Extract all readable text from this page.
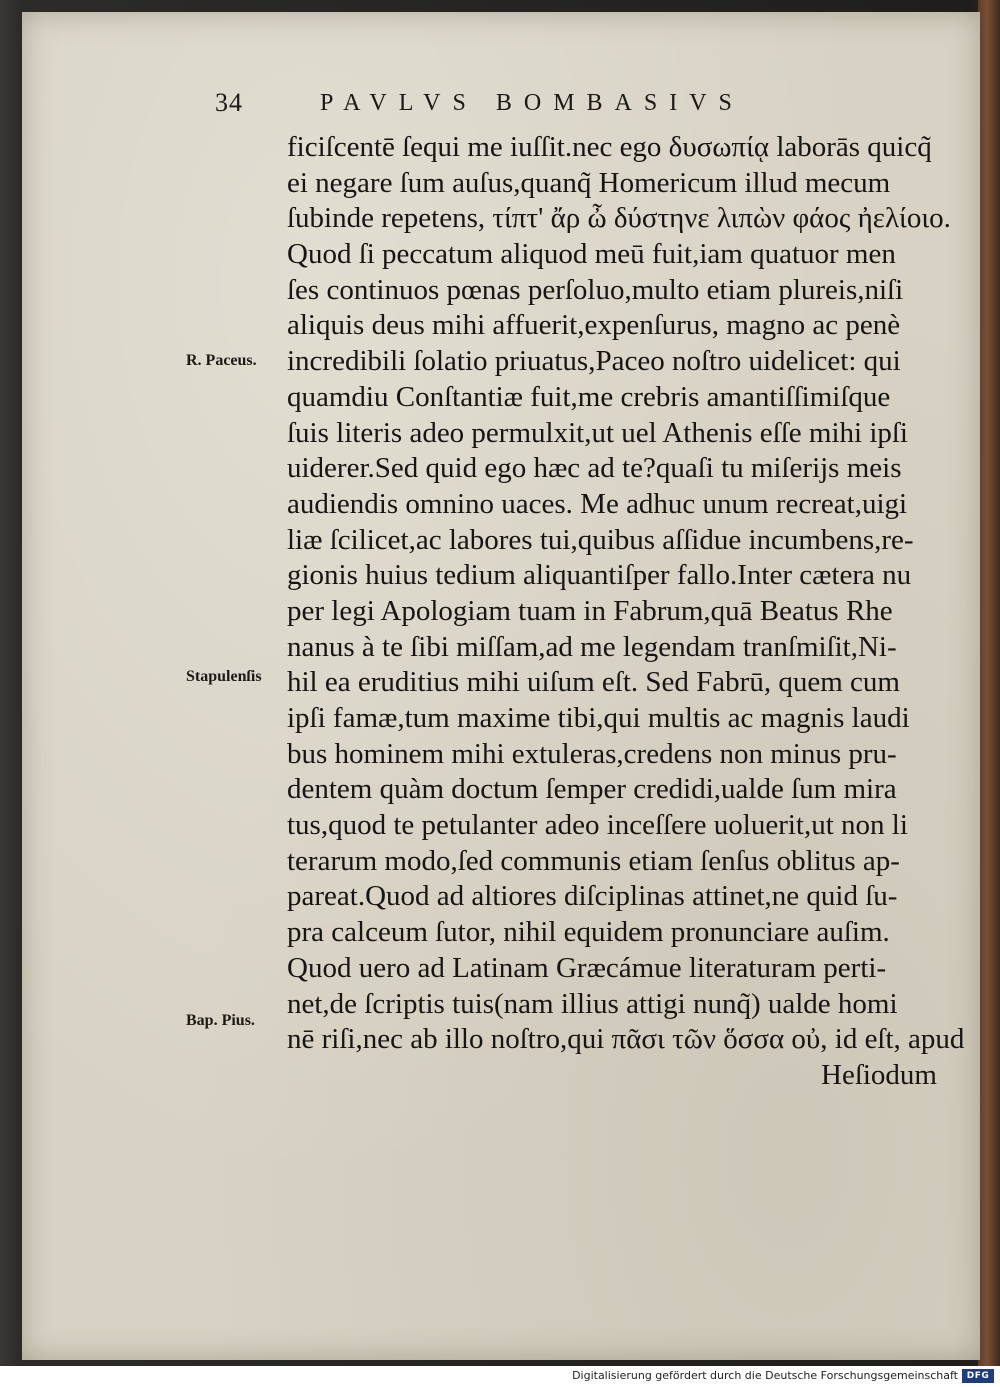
34	PAVLVS BOMBASIVS
ficiſcentē ſequi me iuſſit.nec ego δυσωπίᾳ laborās quicq̃
ei negare ſum auſus,quanq̃ Homericum illud mecum
ſubinde repetens, τίπτ' ἄρ ὦ δύστηνε λιπὼν φάος ἠελίοιο.
Quod ſi peccatum aliquod meū fuit,iam quatuor men
ſes continuos pœnas perſoluo,multo etiam plureis,niſi
aliquis deus mihi affuerit,expenſurus, magno ac penè
incredibili ſolatio priuatus,Paceo noſtro uidelicet: qui
quamdiu Conſtantiæ fuit,me crebris amantiſſimiſque
ſuis literis adeo permulxit,ut uel Athenis eſſe mihi ipſi
uiderer.Sed quid ego hæc ad te?quaſi tu miſerijs meis
audiendis omnino uaces. Me adhuc unum recreat,uigi
liæ ſcilicet,ac labores tui,quibus aſſidue incumbens,re-
gionis huius tedium aliquantiſper fallo.Inter cætera nu
per legi Apologiam tuam in Fabrum,quā Beatus Rhe
nanus à te ſibi miſſam,ad me legendam tranſmiſit,Ni-
hil ea eruditius mihi uiſum eſt. Sed Fabrū, quem cum
ipſi famæ,tum maxime tibi,qui multis ac magnis laudi
bus hominem mihi extuleras,credens non minus pru-
dentem quàm doctum ſemper credidi,ualde ſum mira
tus,quod te petulanter adeo inceſſere uoluerit,ut non li
terarum modo,ſed communis etiam ſenſus oblitus ap-
pareat.Quod ad altiores diſciplinas attinet,ne quid ſu-
pra calceum ſutor, nihil equidem pronunciare auſim.
Quod uero ad Latinam Græcámue literaturam perti-
net,de ſcriptis tuis(nam illius attigi nunq̃) ualde homi
nē riſi,nec ab illo noſtro,qui πᾶσι τῶν ὅσσα οὐ, id eſt, apud
Heſiodum
R. Paceus.
Stapulenſis
Bap. Pius.
Digitalisierung gefördert durch die Deutsche Forschungsgemeinschaft DFG
